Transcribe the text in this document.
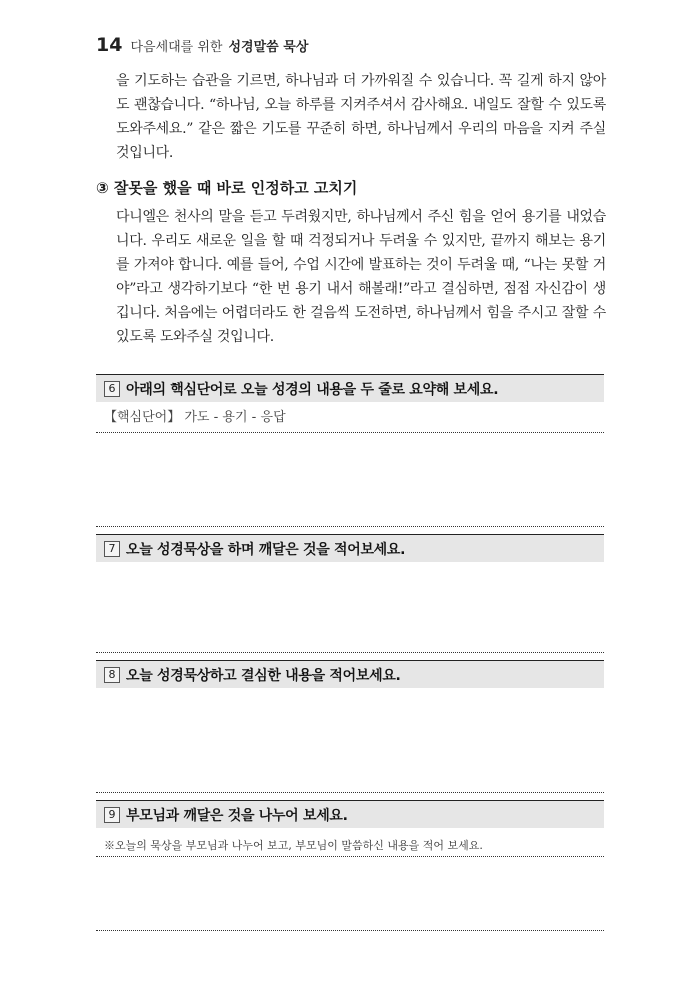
14 다음세대를 위한 성경말씀 묵상

을 기도하는 습관을 기르면, 하나님과 더 가까워질 수 있습니다. 꼭 길게 하지 않아도 괜찮습니다. “하나님, 오늘 하루를 지켜주셔서 감사해요. 내일도 잘할 수 있도록 도와주세요.” 같은 짧은 기도를 꾸준히 하면, 하나님께서 우리의 마음을 지켜 주실 것입니다.

③ 잘못을 했을 때 바로 인정하고 고치기

다니엘은 천사의 말을 듣고 두려웠지만, 하나님께서 주신 힘을 얻어 용기를 내었습니다. 우리도 새로운 일을 할 때 걱정되거나 두려울 수 있지만, 끝까지 해보는 용기를 가져야 합니다. 예를 들어, 수업 시간에 발표하는 것이 두려울 때, “나는 못할 거야”라고 생각하기보다 “한 번 용기 내서 해볼래!”라고 결심하면, 점점 자신감이 생깁니다. 처음에는 어렵더라도 한 걸음씩 도전하면, 하나님께서 힘을 주시고 잘할 수 있도록 도와주실 것입니다.

6 아래의 핵심단어로 오늘 성경의 내용을 두 줄로 요약해 보세요.
【핵심단어】 가도 - 용기 - 응답
7 오늘 성경묵상을 하며 깨달은 것을 적어보세요.
8 오늘 성경묵상하고 결심한 내용을 적어보세요.
9 부모님과 깨달은 것을 나누어 보세요.
※오늘의 묵상을 부모님과 나누어 보고, 부모님이 말씀하신 내용을 적어 보세요.
